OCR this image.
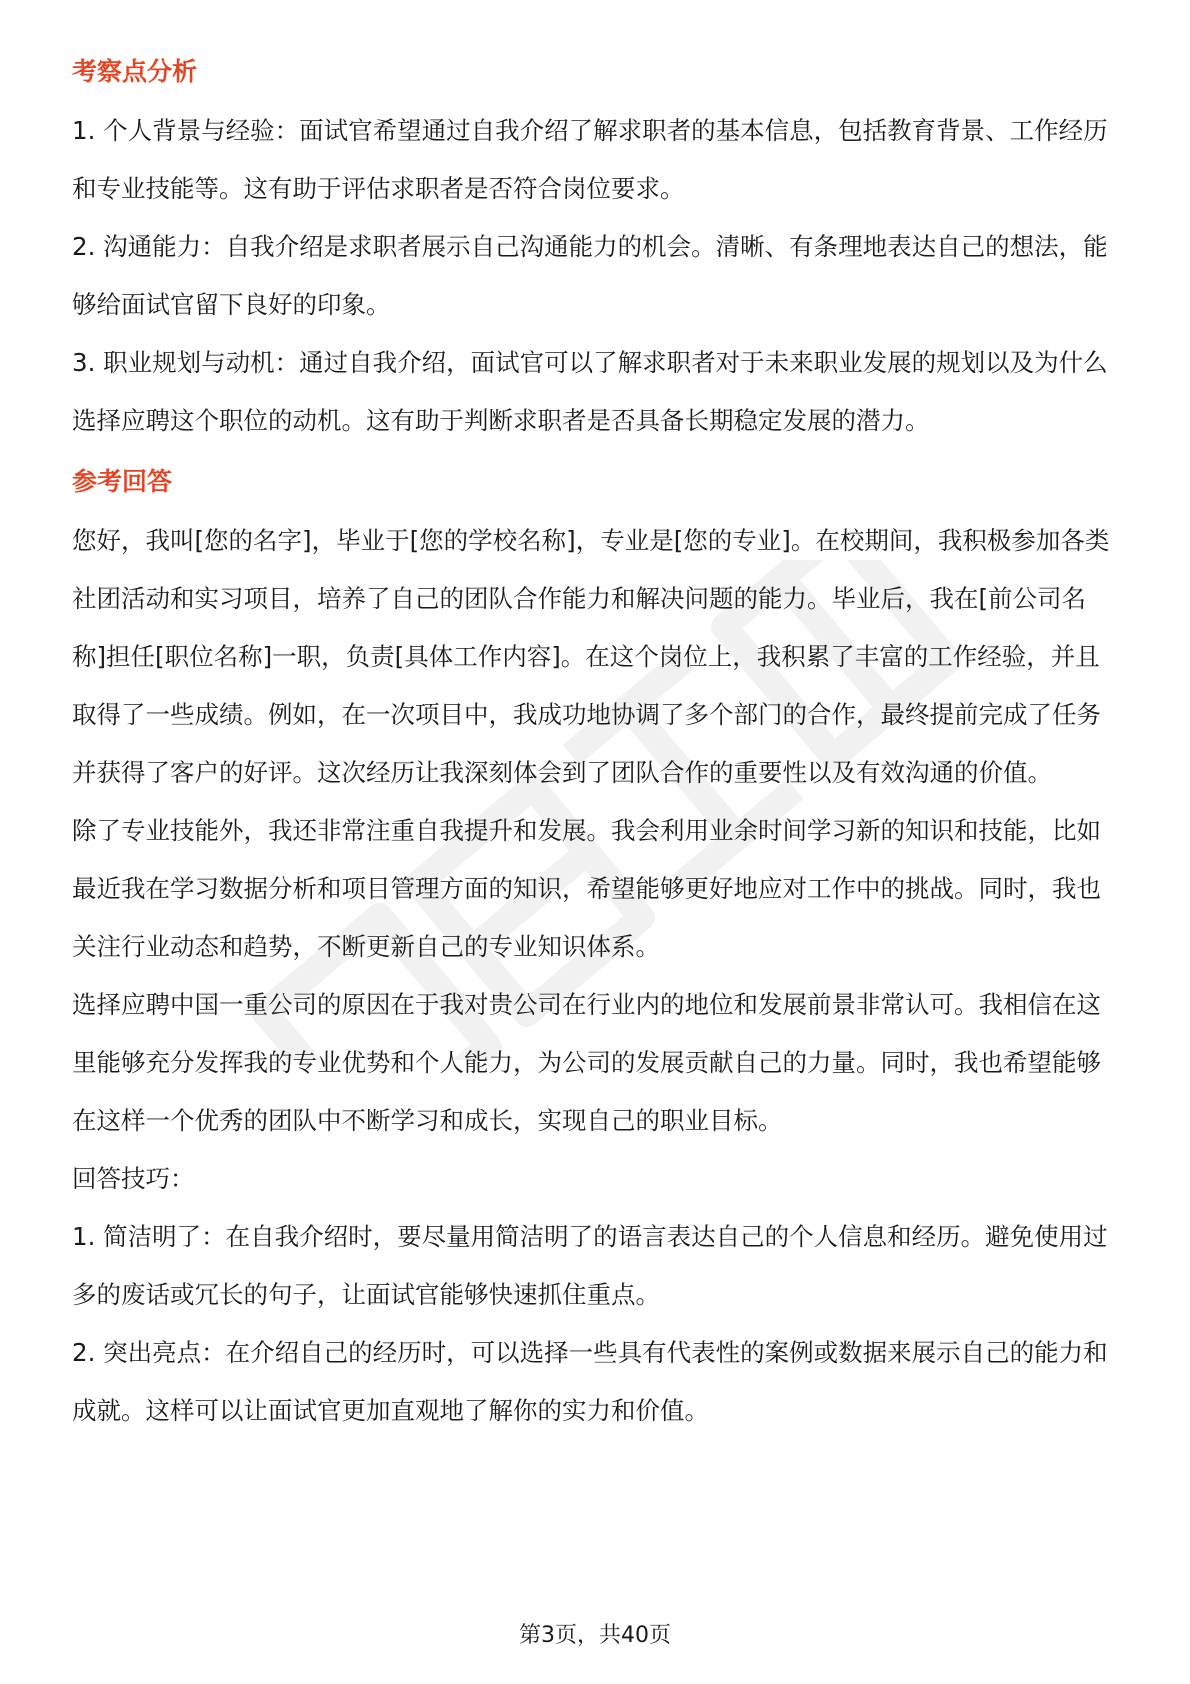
考察点分析

1. 个人背景与经验：面试官希望通过自我介绍了解求职者的基本信息，包括教育背景、工作经历和专业技能等。这有助于评估求职者是否符合岗位要求。

2. 沟通能力：自我介绍是求职者展示自己沟通能力的机会。清晰、有条理地表达自己的想法，能够给面试官留下良好的印象。

3. 职业规划与动机：通过自我介绍，面试官可以了解求职者对于未来职业发展的规划以及为什么选择应聘这个职位的动机。这有助于判断求职者是否具备长期稳定发展的潜力。

参考回答

您好，我叫[您的名字]，毕业于[您的学校名称]，专业是[您的专业]。在校期间，我积极参加各类社团活动和实习项目，培养了自己的团队合作能力和解决问题的能力。毕业后，我在[前公司名称]担任[职位名称]一职，负责[具体工作内容]。在这个岗位上，我积累了丰富的工作经验，并且取得了一些成绩。例如，在一次项目中，我成功地协调了多个部门的合作，最终提前完成了任务并获得了客户的好评。这次经历让我深刻体会到了团队合作的重要性以及有效沟通的价值。

除了专业技能外，我还非常注重自我提升和发展。我会利用业余时间学习新的知识和技能，比如最近我在学习数据分析和项目管理方面的知识，希望能够更好地应对工作中的挑战。同时，我也关注行业动态和趋势，不断更新自己的专业知识体系。

选择应聘中国一重公司的原因在于我对贵公司在行业内的地位和发展前景非常认可。我相信在这里能够充分发挥我的专业优势和个人能力，为公司的发展贡献自己的力量。同时，我也希望能够在这样一个优秀的团队中不断学习和成长，实现自己的职业目标。

回答技巧：

1. 简洁明了：在自我介绍时，要尽量用简洁明了的语言表达自己的个人信息和经历。避免使用过多的废话或冗长的句子，让面试官能够快速抓住重点。

2. 突出亮点：在介绍自己的经历时，可以选择一些具有代表性的案例或数据来展示自己的能力和成就。这样可以让面试官更加直观地了解你的实力和价值。

第3页，共40页
